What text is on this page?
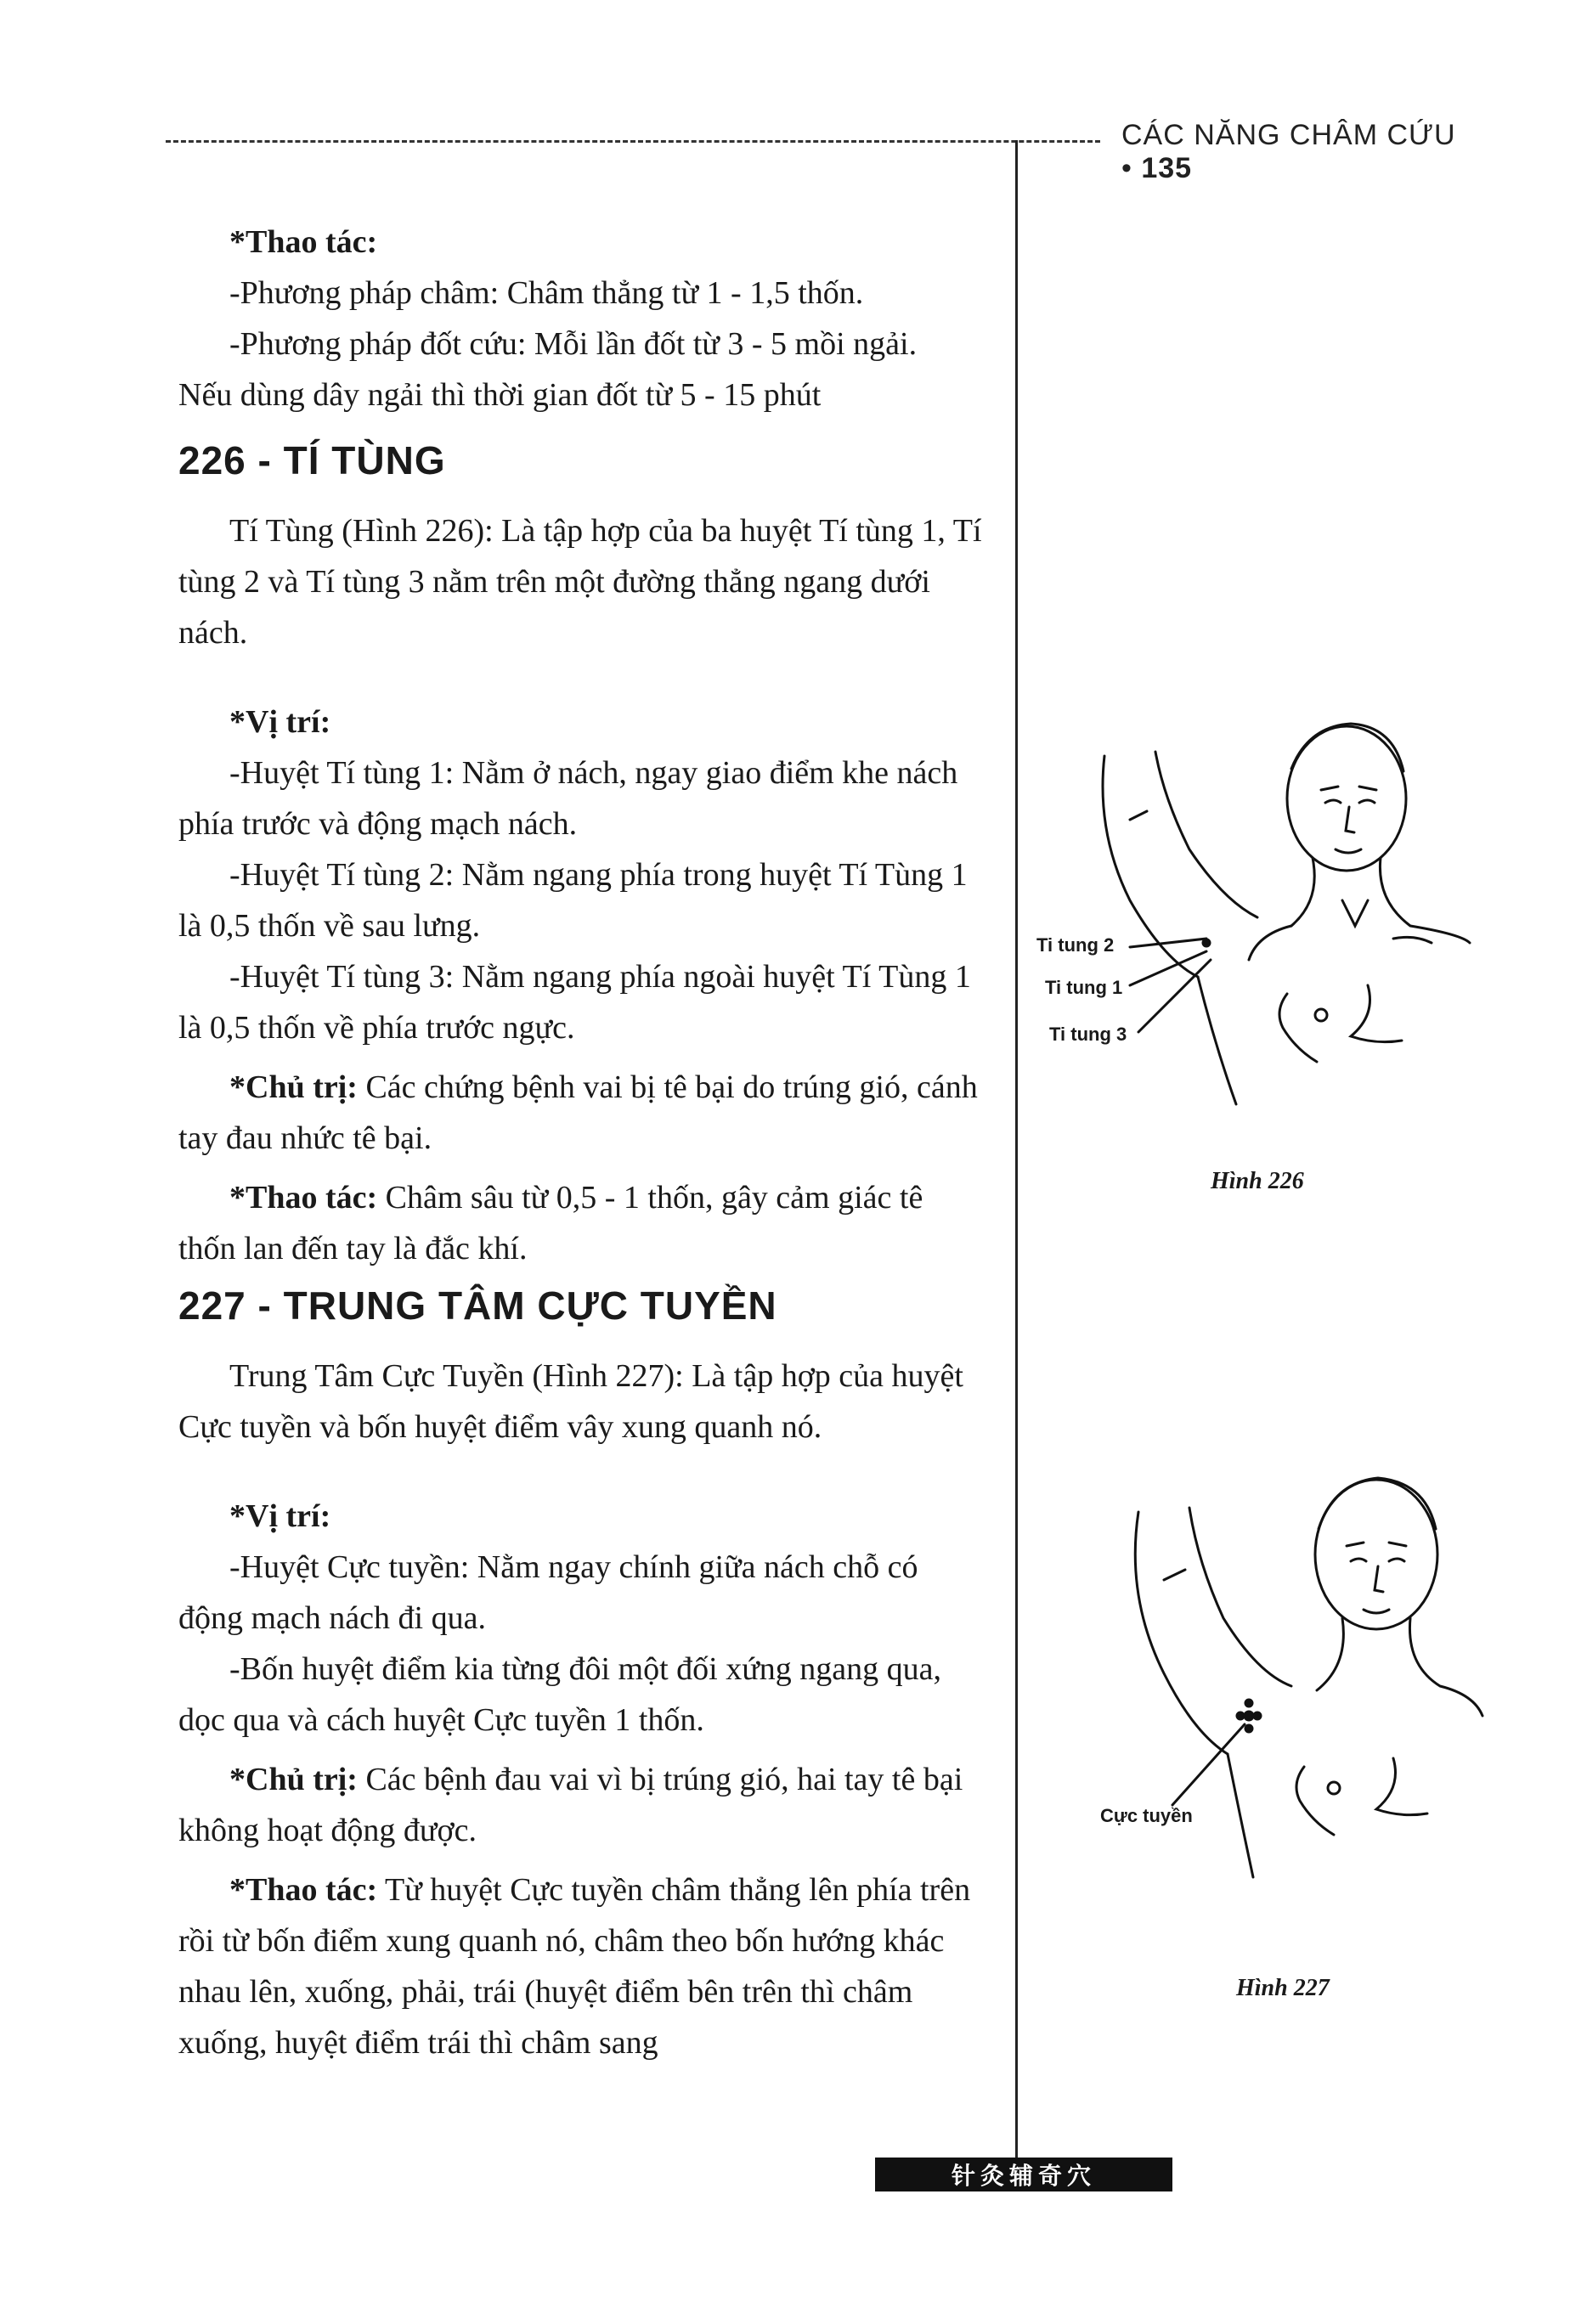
CÁC NĂNG CHÂM CỨU • 135

*Thao tác:

-Phương pháp châm: Châm thẳng từ 1 - 1,5 thốn.

-Phương pháp đốt cứu: Mỗi lần đốt từ 3 - 5 mồi ngải.

Nếu dùng dây ngải thì thời gian đốt từ 5 - 15 phút

226 - TÍ TÙNG

Tí Tùng (Hình 226): Là tập hợp của ba huyệt Tí tùng 1, Tí tùng 2 và Tí tùng 3 nằm trên một đường thẳng ngang dưới nách.

*Vị trí:

-Huyệt Tí tùng 1: Nằm ở nách, ngay giao điểm khe nách phía trước và động mạch nách.

-Huyệt Tí tùng 2: Nằm ngang phía trong huyệt Tí Tùng 1 là 0,5 thốn về sau lưng.

-Huyệt Tí tùng 3: Nằm ngang phía ngoài huyệt Tí Tùng 1 là 0,5 thốn về phía trước ngực.

*Chủ trị: Các chứng bệnh vai bị tê bại do trúng gió, cánh tay đau nhức tê bại.

*Thao tác: Châm sâu từ 0,5 - 1 thốn, gây cảm giác tê thốn lan đến tay là đắc khí.

227 - TRUNG TÂM CỰC TUYỀN

Trung Tâm Cực Tuyền (Hình 227): Là tập hợp của huyệt Cực tuyền và bốn huyệt điểm vây xung quanh nó.

*Vị trí:

-Huyệt Cực tuyền: Nằm ngay chính giữa nách chỗ có động mạch nách đi qua.

-Bốn huyệt điểm kia từng đôi một đối xứng ngang qua, dọc qua và cách huyệt Cực tuyền 1 thốn.

*Chủ trị: Các bệnh đau vai vì bị trúng gió, hai tay tê bại không hoạt động được.

*Thao tác: Từ huyệt Cực tuyền châm thẳng lên phía trên rồi từ bốn điểm xung quanh nó, châm theo bốn hướng khác nhau lên, xuống, phải, trái (huyệt điểm bên trên thì châm xuống, huyệt điểm trái thì châm sang

Ti tung 2
Ti tung 1
Ti tung 3
Hình 226
Cực tuyền
Hình 227
针灸辅奇穴
